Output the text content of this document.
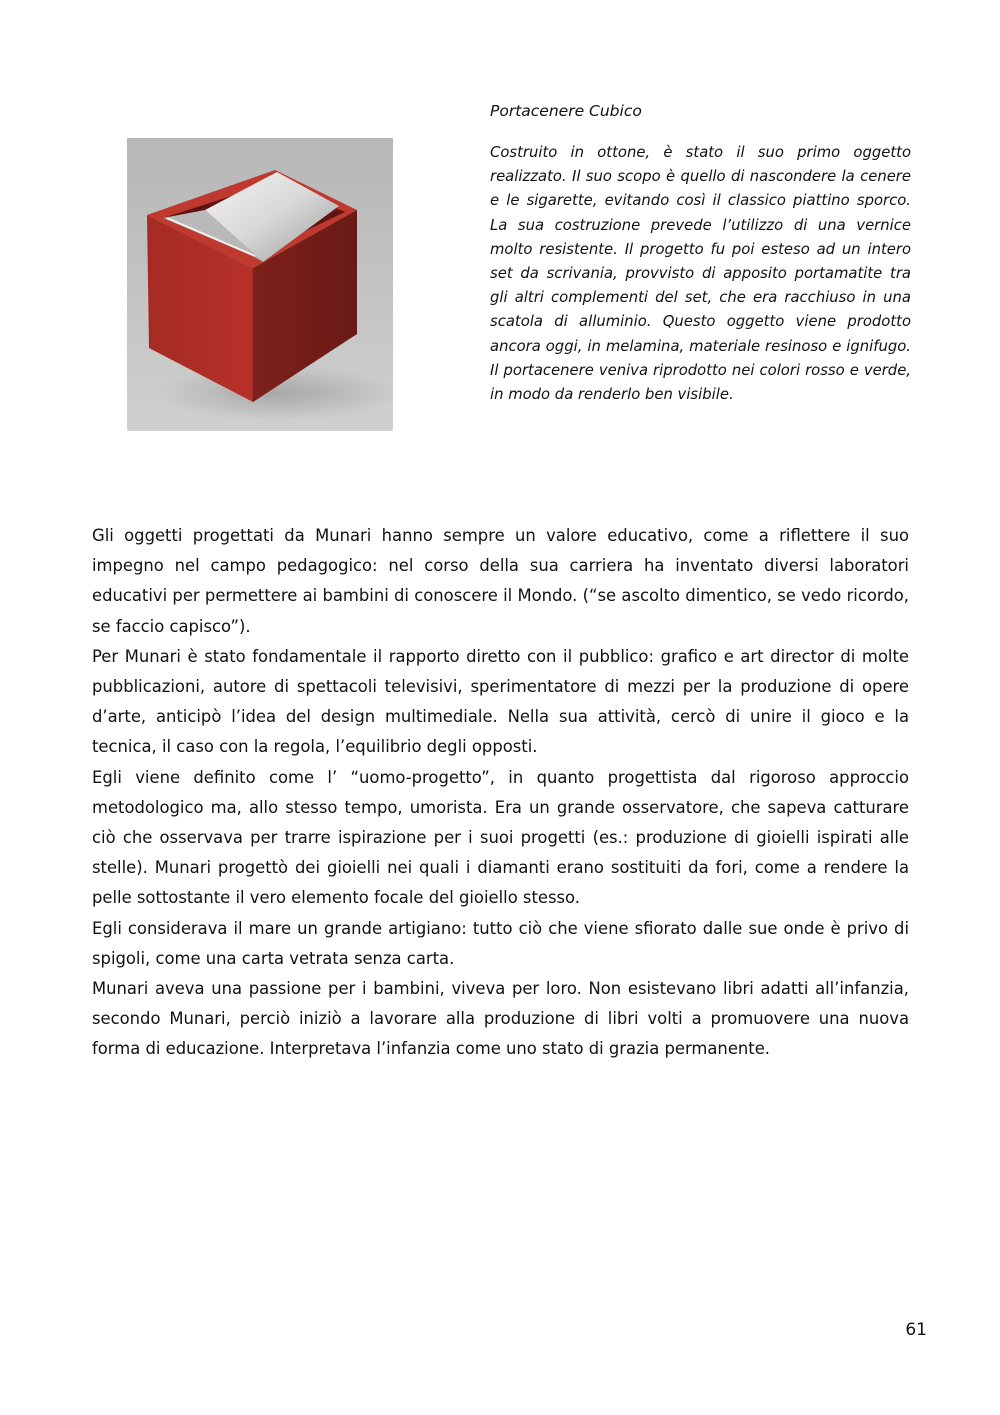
Portacenere Cubico

Costruito in ottone, è stato il suo primo oggetto realizzato. Il suo scopo è quello di nascondere la cenere e le sigarette, evitando così il classico piattino sporco. La sua costruzione prevede l’utilizzo di una vernice molto resistente. Il progetto fu poi esteso ad un intero set da scrivania, provvisto di apposito portamatite tra gli altri complementi del set, che era racchiuso in una scatola di alluminio. Questo oggetto viene prodotto ancora oggi, in melamina, materiale resinoso e ignifugo. Il portacenere veniva riprodotto nei colori rosso e verde, in modo da renderlo ben visibile.

Gli oggetti progettati da Munari hanno sempre un valore educativo, come a riflettere il suo impegno nel campo pedagogico: nel corso della sua carriera ha inventato diversi laboratori educativi per permettere ai bambini di conoscere il Mondo. (“se ascolto dimentico, se vedo ricordo, se faccio capisco”).

Per Munari è stato fondamentale il rapporto diretto con il pubblico: grafico e art director di molte pubblicazioni, autore di spettacoli televisivi, sperimentatore di mezzi per la produzione di opere d’arte, anticipò l’idea del design multimediale. Nella sua attività, cercò di unire il gioco e la tecnica, il caso con la regola, l’equilibrio degli opposti.

Egli viene definito come l’ “uomo-progetto”, in quanto progettista dal rigoroso approccio metodologico ma, allo stesso tempo, umorista. Era un grande osservatore, che sapeva catturare ciò che osservava per trarre ispirazione per i suoi progetti (es.: produzione di gioielli ispirati alle stelle). Munari progettò dei gioielli nei quali i diamanti erano sostituiti da fori, come a rendere la pelle sottostante il vero elemento focale del gioiello stesso.

Egli considerava il mare un grande artigiano: tutto ciò che viene sfiorato dalle sue onde è privo di spigoli, come una carta vetrata senza carta.

Munari aveva una passione per i bambini, viveva per loro. Non esistevano libri adatti all’infanzia, secondo Munari, perciò iniziò a lavorare alla produzione di libri volti a promuovere una nuova forma di educazione. Interpretava l’infanzia come uno stato di grazia permanente.

61
